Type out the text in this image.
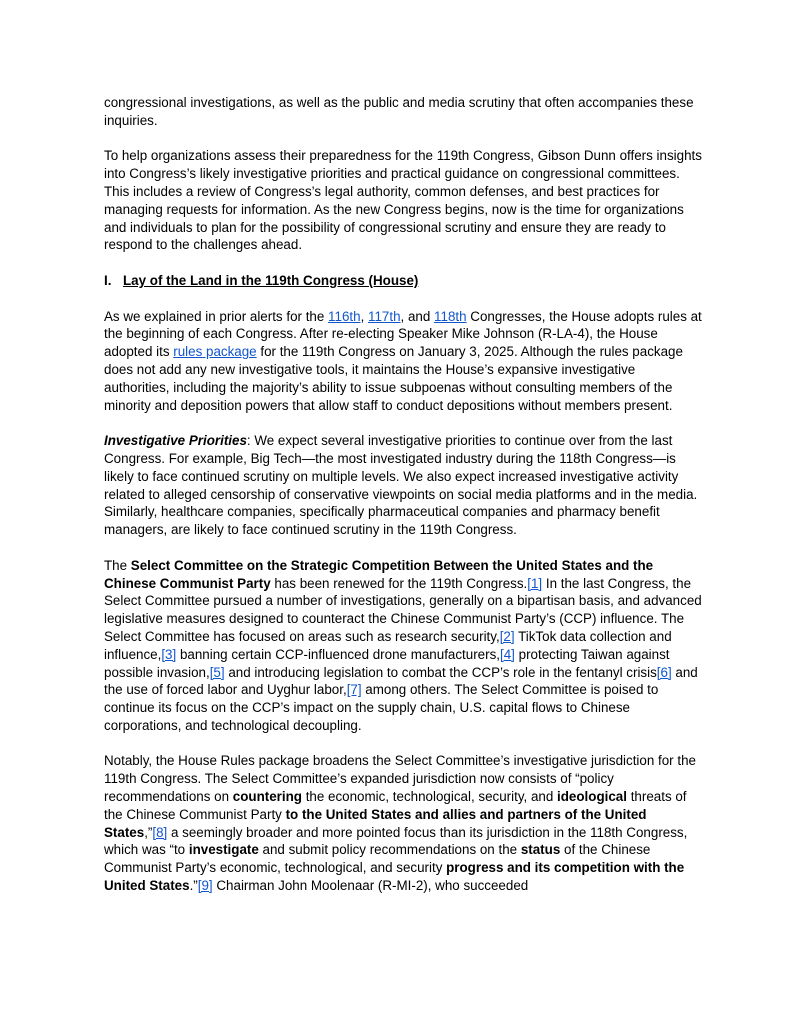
congressional investigations, as well as the public and media scrutiny that often accompanies these inquiries.

To help organizations assess their preparedness for the 119th Congress, Gibson Dunn offers insights into Congress’s likely investigative priorities and practical guidance on congressional committees. This includes a review of Congress’s legal authority, common defenses, and best practices for managing requests for information. As the new Congress begins, now is the time for organizations and individuals to plan for the possibility of congressional scrutiny and ensure they are ready to respond to the challenges ahead.

I. Lay of the Land in the 119th Congress (House)

As we explained in prior alerts for the 116th, 117th, and 118th Congresses, the House adopts rules at the beginning of each Congress. After re-electing Speaker Mike Johnson (R-LA-4), the House adopted its rules package for the 119th Congress on January 3, 2025. Although the rules package does not add any new investigative tools, it maintains the House’s expansive investigative authorities, including the majority’s ability to issue subpoenas without consulting members of the minority and deposition powers that allow staff to conduct depositions without members present.

Investigative Priorities: We expect several investigative priorities to continue over from the last Congress. For example, Big Tech—the most investigated industry during the 118th Congress—is likely to face continued scrutiny on multiple levels. We also expect increased investigative activity related to alleged censorship of conservative viewpoints on social media platforms and in the media. Similarly, healthcare companies, specifically pharmaceutical companies and pharmacy benefit managers, are likely to face continued scrutiny in the 119th Congress.

The Select Committee on the Strategic Competition Between the United States and the Chinese Communist Party has been renewed for the 119th Congress.[1] In the last Congress, the Select Committee pursued a number of investigations, generally on a bipartisan basis, and advanced legislative measures designed to counteract the Chinese Communist Party’s (CCP) influence. The Select Committee has focused on areas such as research security,[2] TikTok data collection and influence,[3] banning certain CCP-influenced drone manufacturers,[4] protecting Taiwan against possible invasion,[5] and introducing legislation to combat the CCP’s role in the fentanyl crisis[6] and the use of forced labor and Uyghur labor,[7] among others. The Select Committee is poised to continue its focus on the CCP’s impact on the supply chain, U.S. capital flows to Chinese corporations, and technological decoupling.

Notably, the House Rules package broadens the Select Committee’s investigative jurisdiction for the 119th Congress. The Select Committee’s expanded jurisdiction now consists of “policy recommendations on countering the economic, technological, security, and ideological threats of the Chinese Communist Party to the United States and allies and partners of the United States,”[8] a seemingly broader and more pointed focus than its jurisdiction in the 118th Congress, which was “to investigate and submit policy recommendations on the status of the Chinese Communist Party’s economic, technological, and security progress and its competition with the United States.”[9] Chairman John Moolenaar (R-MI-2), who succeeded
